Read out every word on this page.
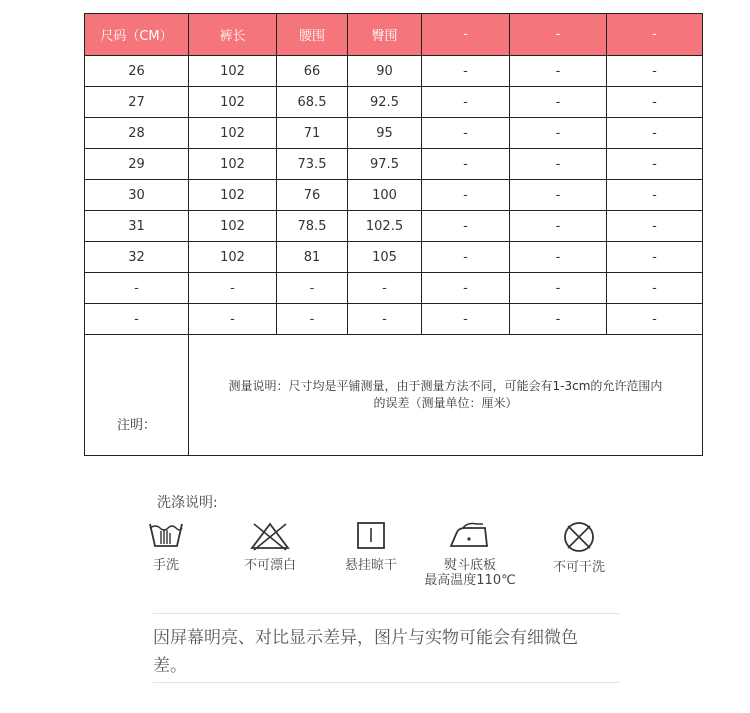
尺码（CM）	裤长	腰围	臀围	-	-	-
26	102	66	90	-	-	-
27	102	68.5	92.5	-	-	-
28	102	71	95	-	-	-
29	102	73.5	97.5	-	-	-
30	102	76	100	-	-	-
31	102	78.5	102.5	-	-	-
32	102	81	105	-	-	-
-	-	-	-	-	-	-
-	-	-	-	-	-	-
注明：	测量说明：尺寸均是平铺测量，由于测量方法不同，可能会有1-3cm的允许范围内
的误差（测量单位：厘米）					
洗涤说明:
手洗	不可漂白	悬挂晾干	熨斗底板
最高温度110℃
不可干洗
因屏幕明亮、对比显示差异，图片与实物可能会有细微色
差。
